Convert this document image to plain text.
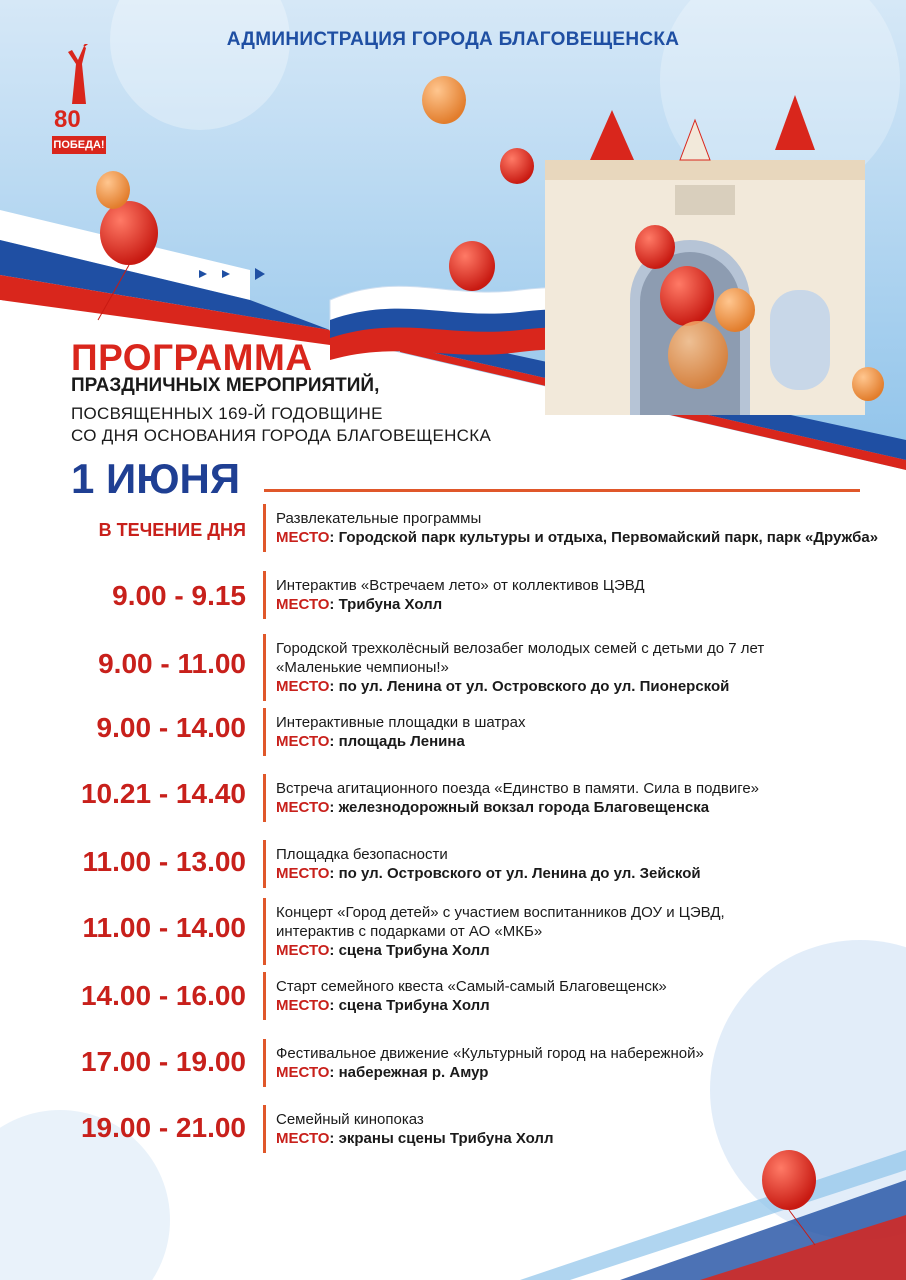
АДМИНИСТРАЦИЯ ГОРОДА БЛАГОВЕЩЕНСКА
80
ПОБЕДА!
ПРОГРАММА
ПРАЗДНИЧНЫХ МЕРОПРИЯТИЙ,
ПОСВЯЩЕННЫХ 169-Й ГОДОВЩИНЕ
СО ДНЯ ОСНОВАНИЯ ГОРОДА БЛАГОВЕЩЕНСКА
1 ИЮНЯ
В ТЕЧЕНИЕ ДНЯ
Развлекательные программы
МЕСТО: Городской парк культуры и отдыха, Первомайский парк, парк «Дружба»
9.00 - 9.15 Интерактив «Встречаем лето» от коллективов ЦЭВД
МЕСТО: Трибуна Холл
9.00 - 11.00 Городской трехколёсный велозабег молодых семей с детьми до 7 лет
«Маленькие чемпионы!»
МЕСТО: по ул. Ленина от ул. Островского до ул. Пионерской
9.00 - 14.00 Интерактивные площадки в шатрах
МЕСТО: площадь Ленина
10.21 - 14.40 Встреча агитационного поезда «Единство в памяти. Сила в подвиге»
МЕСТО: железнодорожный вокзал города Благовещенска
11.00 - 13.00 Площадка безопасности
МЕСТО: по ул. Островского от ул. Ленина до ул. Зейской
11.00 - 14.00 Концерт «Город детей» с участием воспитанников ДОУ и ЦЭВД,
интерактив с подарками от АО «МКБ»
МЕСТО: сцена Трибуна Холл
14.00 - 16.00 Старт семейного квеста «Самый-самый Благовещенск»
МЕСТО: сцена Трибуна Холл
17.00 - 19.00 Фестивальное движение «Культурный город на набережной»
МЕСТО: набережная р. Амур
19.00 - 21.00 Семейный кинопоказ
МЕСТО: экраны сцены Трибуна Холл
